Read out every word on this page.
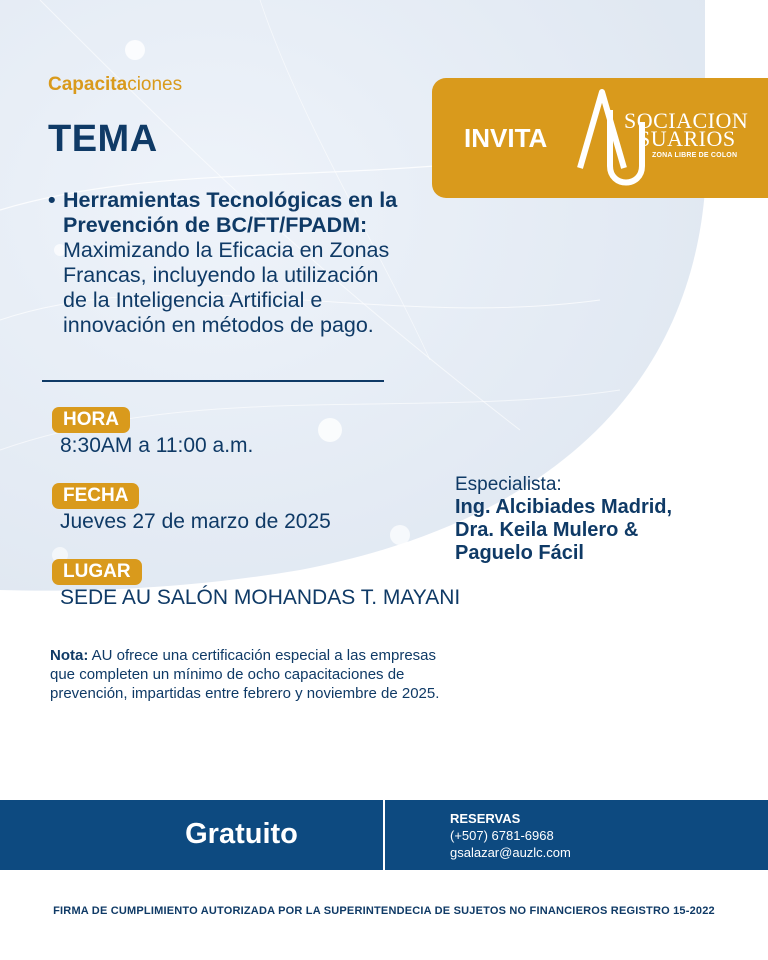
Capacitaciones
TEMA
• Herramientas Tecnológicas en la
Prevención de BC/FT/FPADM:
Maximizando la Eficacia en Zonas
Francas, incluyendo la utilización
de la Inteligencia Artificial e
innovación en métodos de pago.
HORA
8:30AM a 11:00 a.m.
FECHA
Jueves 27 de marzo de 2025
LUGAR
SEDE AU SALÓN MOHANDAS T. MAYANI
INVITA
SOCIACION
SUARIOS
ZONA LIBRE DE COLON
Especialista:
Ing. Alcibiades Madrid,
Dra. Keila Mulero &
Paguelo Fácil
Nota: AU ofrece una certificación especial a las empresas que completen un mínimo de ocho capacitaciones de prevención, impartidas entre febrero y noviembre de 2025.
Gratuito	RESERVAS
(+507) 6781-6968
gsalazar@auzlc.com
FIRMA DE CUMPLIMIENTO AUTORIZADA POR LA SUPERINTENDECIA DE SUJETOS NO FINANCIEROS REGISTRO 15-2022
